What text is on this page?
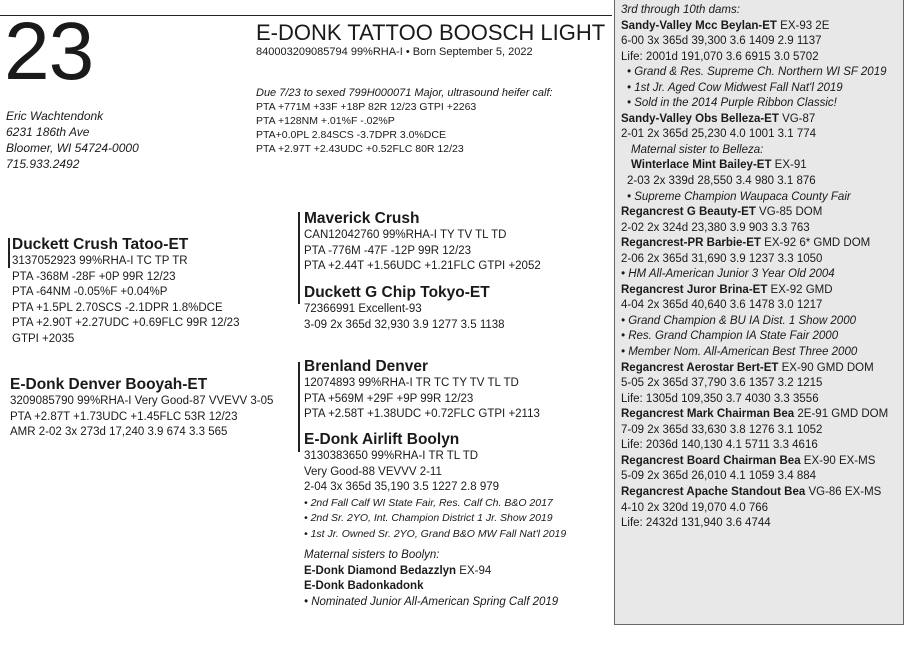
23
Eric Wachtendonk
6231 186th Ave
Bloomer, WI 54724-0000
715.933.2492
E-DONK TATTOO BOOSCH LIGHT
840003209085794 99%RHA-I • Born September 5, 2022
Due 7/23 to sexed 799H000071 Major, ultrasound heifer calf:
PTA +771M +33F +18P 82R 12/23 GTPI +2263
PTA +128NM +.01%F -.02%P
PTA+0.0PL 2.84SCS -3.7DPR 3.0%DCE
PTA +2.97T +2.43UDC +0.52FLC 80R 12/23
Duckett Crush Tatoo-ET
3137052923 99%RHA-I TC TP TR
PTA -368M -28F +0P 99R 12/23
PTA -64NM -0.05%F +0.04%P
PTA +1.5PL 2.70SCS -2.1DPR 1.8%DCE
PTA +2.90T +2.27UDC +0.69FLC 99R 12/23
GTPI +2035
E-Donk Denver Booyah-ET
3209085790 99%RHA-I Very Good-87 VVEVV 3-05
PTA +2.87T +1.73UDC +1.45FLC 53R 12/23
AMR 2-02 3x 273d 17,240 3.9 674 3.3 565
Maverick Crush
CAN12042760 99%RHA-I TY TV TL TD
PTA -776M -47F -12P 99R 12/23
PTA +2.44T +1.56UDC +1.21FLC GTPI +2052
Duckett G Chip Tokyo-ET
72366991 Excellent-93
3-09 2x 365d 32,930 3.9 1277 3.5 1138
Brenland Denver
12074893 99%RHA-I TR TC TY TV TL TD
PTA +569M +29F +9P 99R 12/23
PTA +2.58T +1.38UDC +0.72FLC GTPI +2113
E-Donk Airlift Boolyn
3130383650 99%RHA-I TR TL TD
Very Good-88 VEVVV 2-11
2-04 3x 365d 35,190 3.5 1227 2.8 979
• 2nd Fall Calf WI State Fair, Res. Calf Ch. B&O 2017
• 2nd Sr. 2YO, Int. Champion District 1 Jr. Show 2019
• 1st Jr. Owned Sr. 2YO, Grand B&O MW Fall Nat'l 2019
Maternal sisters to Boolyn:
E-Donk Diamond Bedazzlyn EX-94
E-Donk Badonkadonk
• Nominated Junior All-American Spring Calf 2019
3rd through 10th dams:
Sandy-Valley Mcc Beylan-ET EX-93 2E
6-00 3x 365d 39,300 3.6 1409 2.9 1137
Life: 2001d 191,070 3.6 6915 3.0 5702
• Grand & Res. Supreme Ch. Northern WI SF 2019
• 1st Jr. Aged Cow Midwest Fall Nat'l 2019
• Sold in the 2014 Purple Ribbon Classic!
Sandy-Valley Obs Belleza-ET VG-87
2-01 2x 365d 25,230 4.0 1001 3.1 774
Maternal sister to Belleza:
Winterlace Mint Bailey-ET EX-91
2-03 2x 339d 28,550 3.4 980 3.1 876
• Supreme Champion Waupaca County Fair
Regancrest G Beauty-ET VG-85 DOM
2-02 2x 324d 23,380 3.9 903 3.3 763
Regancrest-PR Barbie-ET EX-92 6* GMD DOM
2-06 2x 365d 31,690 3.9 1237 3.3 1050
• HM All-American Junior 3 Year Old 2004
Regancrest Juror Brina-ET EX-92 GMD
4-04 2x 365d 40,640 3.6 1478 3.0 1217
• Grand Champion & BU IA Dist. 1 Show 2000
• Res. Grand Champion IA State Fair 2000
• Member Nom. All-American Best Three 2000
Regancrest Aerostar Bert-ET EX-90 GMD DOM
5-05 2x 365d 37,790 3.6 1357 3.2 1215
Life: 1305d 109,350 3.7 4030 3.3 3556
Regancrest Mark Chairman Bea 2E-91 GMD DOM
7-09 2x 365d 33,630 3.8 1276 3.1 1052
Life: 2036d 140,130 4.1 5711 3.3 4616
Regancrest Board Chairman Bea EX-90 EX-MS
5-09 2x 365d 26,010 4.1 1059 3.4 884
Regancrest Apache Standout Bea VG-86 EX-MS
4-10 2x 320d 19,070 4.0 766
Life: 2432d 131,940 3.6 4744
